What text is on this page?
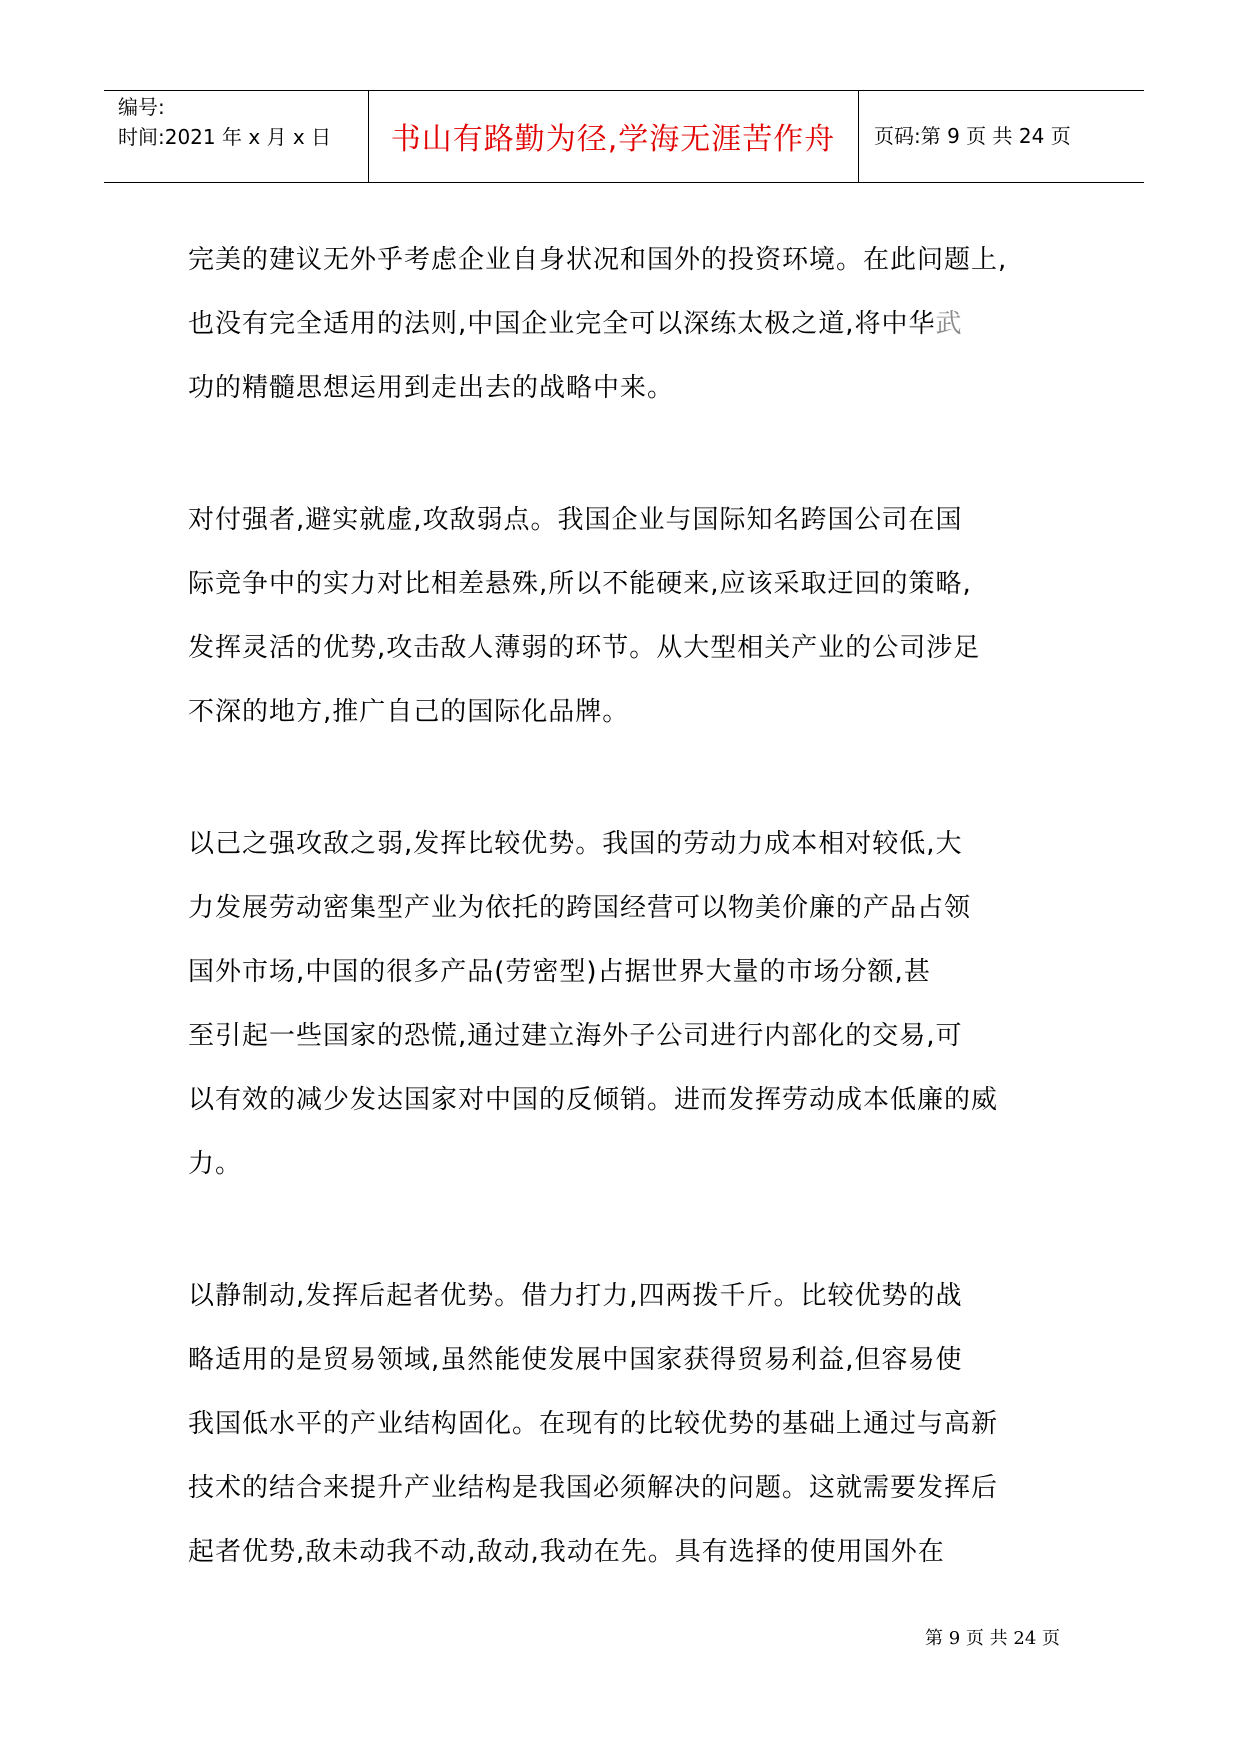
编号:
时间:2021 年 x 月 x 日	书山有路勤为径,学海无涯苦作舟	页码:第 9 页 共 24 页
完美的建议无外乎考虑企业自身状况和国外的投资环境。在此问题上,
也没有完全适用的法则,中国企业完全可以深练太极之道,将中华武
功的精髓思想运用到走出去的战略中来。
对付强者,避实就虚,攻敌弱点。我国企业与国际知名跨国公司在国
际竞争中的实力对比相差悬殊,所以不能硬来,应该采取迂回的策略,
发挥灵活的优势,攻击敌人薄弱的环节。从大型相关产业的公司涉足
不深的地方,推广自己的国际化品牌。
以己之强攻敌之弱,发挥比较优势。我国的劳动力成本相对较低,大
力发展劳动密集型产业为依托的跨国经营可以物美价廉的产品占领
国外市场,中国的很多产品(劳密型)占据世界大量的市场分额,甚
至引起一些国家的恐慌,通过建立海外子公司进行内部化的交易,可
以有效的减少发达国家对中国的反倾销。进而发挥劳动成本低廉的威
力。
以静制动,发挥后起者优势。借力打力,四两拨千斤。比较优势的战
略适用的是贸易领域,虽然能使发展中国家获得贸易利益,但容易使
我国低水平的产业结构固化。在现有的比较优势的基础上通过与高新
技术的结合来提升产业结构是我国必须解决的问题。这就需要发挥后
起者优势,敌未动我不动,敌动,我动在先。具有选择的使用国外在
第 9 页 共 24 页
